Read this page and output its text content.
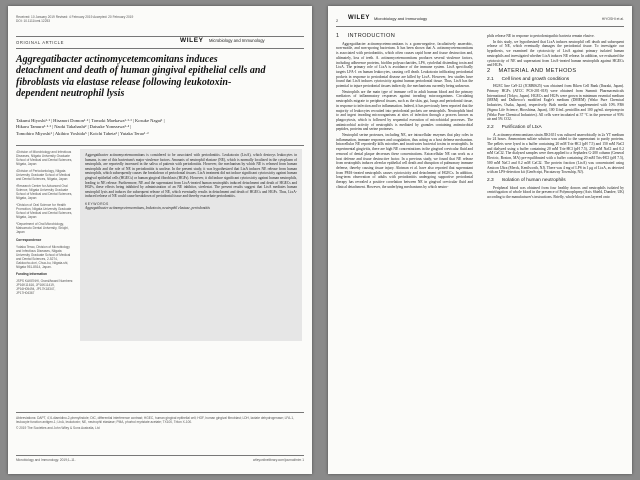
Received: 10 January 2019 Revised: 4 February 2019 Accepted: 20 February 2019
DOI: 10.1111/omi.12253
ORIGINAL ARTICLE	WILEY Microbiology and Immunology
Aggregatibacter actinomycetemcomitans induces detachment and death of human gingival epithelial cells and fibroblasts via elastase release following leukotoxin-dependent neutrophil lysis
Takumi Hiyoshi¹·² | Hisanori Domon¹·³ | Tomoki Maekawa¹·²·³ | Kosuke Nagai¹ |
Hikaru Tamura¹·²·³ | Naoki Takahashi² | Daisuke Yonezawa³·⁴ |
Tomohiro Miyoshi¹ | Akihiro Yoshida⁵ | Koichi Tabeta² | Yutaka Terao¹·³

¹Division of Microbiology and Infectious Diseases, Niigata University Graduate School of Medical and Dental Sciences, Niigata, Japan

²Division of Periodontology, Niigata University Graduate School of Medical and Dental Sciences, Niigata, Japan

³Research Center for Advanced Oral Science, Niigata University Graduate School of Medical and Dental Sciences, Niigata, Japan

⁴Division of Oral Science for Health Promotion, Niigata University Graduate School of Medical and Dental Sciences, Niigata, Japan

⁵Department of Oral Microbiology, Matsumoto Dental University, Shiojiri, Japan

Correspondence

Yutaka Terao, Division of Microbiology and Infectious Diseases, Niigata University Graduate School of Medical and Dental Sciences, 2-5274, Gakkocho-dori, Chuo-ku, Niigata-shi, Niigata 951-8514, Japan.

Funding information

JSPS KAKENHI, Grant/Award Numbers: JP16K11616, JP16K11419, JP16H05494, JP17K18347, JP17H04367

Aggregatibacter actinomycetemcomitans is considered to be associated with periodontitis. Leukotoxin (LtxA), which destroys leukocytes in humans, is one of this bacterium's major virulence factors. Amounts of neutrophil elastase (NE), which is normally localized in the cytoplasm of neutrophils, are reportedly increased in the saliva of patients with periodontitis. However, the mechanism by which NE is released from human neutrophils and the role of NE in periodontitis is unclear. In the present study, it was hypothesized that LtxA induces NE release from human neutrophils, which subsequently causes the breakdown of periodontal tissues. LtxA treatment did not induce significant cytotoxicity against human gingival epithelial cells (HGECs) or human gingival fibroblasts (HGFs). However, it did induce significant cytotoxicity against human neutrophils, leading to NE release. Furthermore, NE and the supernatant from LtxA-treated human neutrophils induced detachment and death of HGECs and HGFs, these effects being inhibited by administration of an NE inhibitor, sivelestat. The present results suggest that LtxA mediates human neutrophil lysis and induces the subsequent release of NE, which eventually results in detachment and death of HGECs and HGFs. Thus, LtxA-induced release of NE could cause breakdown of periodontal tissue and thereby exacerbate periodontitis.
KEYWORDS
Aggregatibacter actinomycetemcomitans, leukotoxin, neutrophil elastase, periodontitis
Abbreviations: DAPT, 4',6-diamidino-2-phenylindole; DIC, differential interference contrast; HGEC, human gingival epithelial cell; HGF, human gingival fibroblast; LDH, lactate dehydrogenase; LFA-1, leukocyte function antigen-1; LtxA, leukotoxin; NE, neutrophil elastase; PMA, phorbol myristate acetate; TX100, Triton X-100.
© 2019 The Societies and John Wiley & Sons Australia, Ltd
Microbiology and Immunology. 2019;1–11.	wileyonlinelibrary.com/journal/mim 1
2 WILEY Microbiology and Immunology	HIYOSHI et al.
1 INTRODUCTION

Aggregatibacter actinomycetemcomitans is a gram-negative, facultatively anaerobic, non-motile, and non-sporing bacterium. It has been shown that A. actinomycetemcomitans is associated with periodontitis, which often causes rapid bone and tissue destruction and, ultimately, loss of teeth. A. actinomycetemcomitans produces several virulence factors, including adherence proteins, biofilm polysaccharides, LPS, cytolethal distending toxin and LtxA. The primary role of LtxA is avoidance of the immune system. LtxA specifically targets LFA-1 on human leukocytes, causing cell death. Leukotoxin infiltrating periodontal pockets in response to periodontal disease are killed by LtxA. However, few studies have found that LtxA induces cytotoxicity against human periodontal tissue. Thus, LtxA has the potential to injure periodontal tissues indirectly, the mechanisms currently being unknown.

Neutrophils are the main type of immune cell in adult human blood and the primary mediators of inflammatory responses against invading microorganisms. Circulating neutrophils migrate to peripheral tissues, such as the skin, gut, lungs and periodontal tissue, in response to infection and/or inflammation. Indeed, it has previously been reported that the majority of leukocytes recruited into periodontal pockets are neutrophils. Neutrophils bind to and ingest invading microorganisms at sites of infection through a process known as phagocytosis, which is followed by sequential execution of microbicidal processes. The antimicrobial activity of neutrophils is mediated by granules containing antimicrobial peptides, proteins and serine proteases.

Neutrophil serine proteases, including NE, are intracellular enzymes that play roles in inflammation, immune responses and coagulation, thus acting as a host defense mechanism. Intracellular NE reportedly kills microbes and inactivates bacterial toxins in neutrophils. In experimental gingivitis, there are high NE concentrations in the gingival crevicular fluid and removal of dental plaque decreases these concentrations. Extracellular NE can work as a host defense and tissue destructive factor. In a previous study, we found that NE release from neutrophils induces alveolar epithelial cell death and disruption of pulmonary immune defense, thereby causing tissue injury. Alotman et al. have also reported that supernatant from PMA-treated neutrophils causes cytotoxicity and detachment of HGECs. In addition, long-term observation of adults with periodontitis undergoing supportive periodontal therapy has revealed a positive correlation between NE in gingival crevicular fluid and clinical detachment. However, the underlying mechanisms by which neutro-

phils release NE in response to periodontopathic bacteria remain elusive.

In this study, we hypothesized that LtxA induces neutrophil cell death and subsequent release of NE, which eventually damages the periodontal tissue. To investigate our hypothesis, we examined the cytotoxicity of LtxA against primary isolated human neutrophils and investigated whether LtxA induces NE release. In addition, we evaluated the cytotoxicity of NE and supernatant from LtxA-treated human neutrophils against HGECs and HGFs.

2 MATERIAL AND METHODS
2.1 Cell lines and growth conditions

HGEC line Ca9-22 (JCRB0625) was obtained from Riken Cell Bank (Ibaraki, Japan). Primary HGFs (ATCC PCS-201-018) were obtained from Summit Pharmaceuticals International (Tokyo, Japan). HGECs and HGFs were grown in minimum essential medium (MEM) and Dulbecco's modified Eagle's medium (DMEM) (Wako Pure Chemical Industries, Osaka, Japan), respectively. Both media were supplemented with 10% FBS (Sigma Life Science, Hiroshima, Japan), 100 U/mL penicillin and 100 μg/mL streptomycin (Wako Pure Chemical Industries). All cells were incubated at 37 °C in the presence of 95% air and 5% CO2.

2.2 Purification of LtxA

A. actinomycetemcomitans strain JIK1651 was cultured anaerobically in 2x YT medium for 24 hours. Ammonium sulfate solution was added to the supernatant to purify proteins. The pellets were lysed in a buffer containing 20 mM Tris-HCl (pH 7.5) and 150 mM NaCl and dialyzed using a buffer containing 20 mM Tris-HCl (pH 7.5), 250 mM NaCl and 0.2 mM CaCl2. The dialyzed samples were then applied to a Sephadex G-200 column (General Electric, Boston, MA) pre-equilibrated with a buffer containing 20 mM Tris-HCl (pH 7.5), 500 mM NaCl and 0.2 mM CaCl2. The protein fraction (LtxA) was concentrated using Amicon Ultra (Merck, Kenilworth, NJ). There was 4 mg of LPS in 1 μg of LtxA, as detected with an LPS-detection kit (GenScript, Piscataway Township, NJ).

2.3 Isolation of human neutrophils

Peripheral blood was obtained from four healthy donors and neutrophils isolated by centrifugation of whole blood in the presence of Polymorphprep (Axis Shield, Dundee, UK) according to the manufacturer's instructions. Briefly, whole blood was layered onto
